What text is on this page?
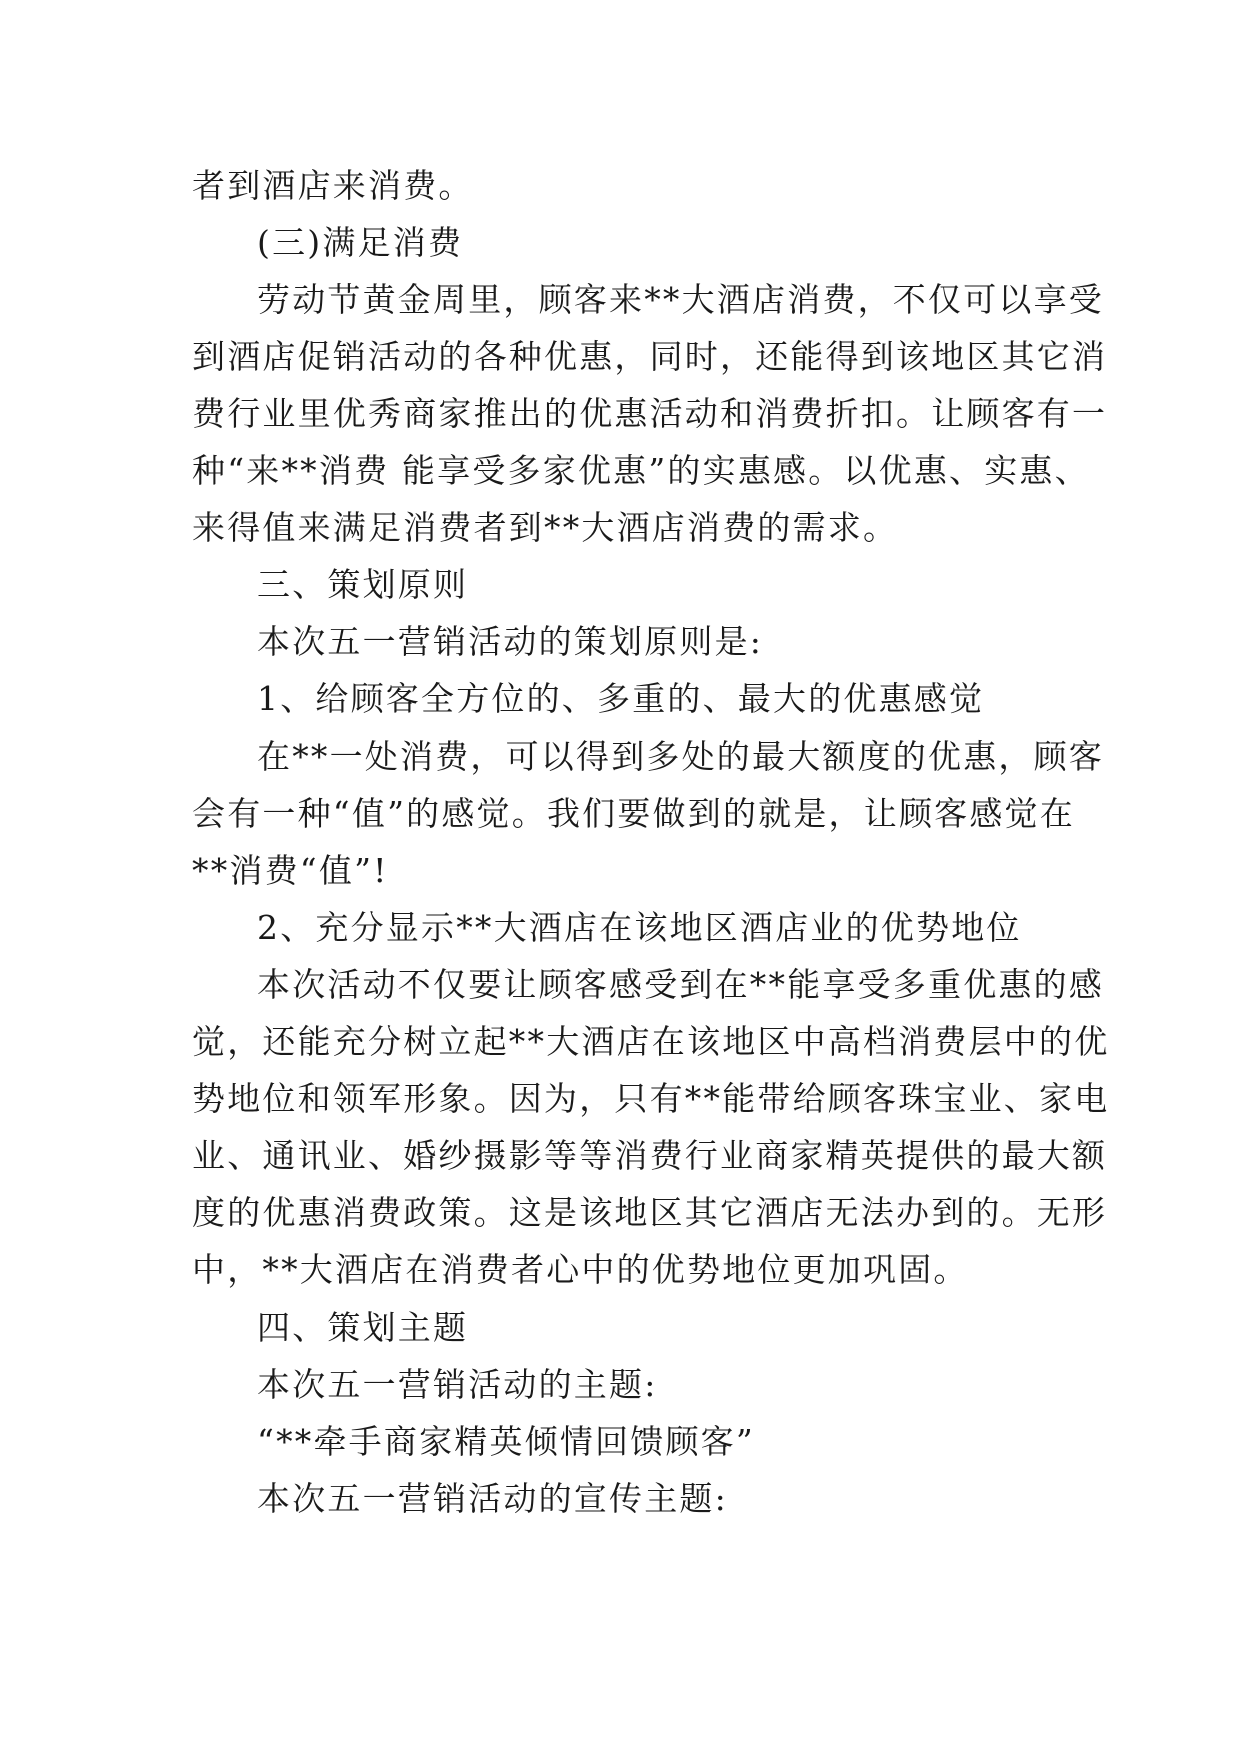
者到酒店来消费。
(三)满足消费
劳动节黄金周里，顾客来**大酒店消费，不仅可以享受
到酒店促销活动的各种优惠，同时，还能得到该地区其它消
费行业里优秀商家推出的优惠活动和消费折扣。让顾客有一
种“来**消费 能享受多家优惠”的实惠感。以优惠、实惠、
来得值来满足消费者到**大酒店消费的需求。
三、策划原则
本次五一营销活动的策划原则是:
1、给顾客全方位的、多重的、最大的优惠感觉
在**一处消费，可以得到多处的最大额度的优惠，顾客
会有一种“值”的感觉。我们要做到的就是，让顾客感觉在
**消费“值”!
2、充分显示**大酒店在该地区酒店业的优势地位
本次活动不仅要让顾客感受到在**能享受多重优惠的感
觉，还能充分树立起**大酒店在该地区中高档消费层中的优
势地位和领军形象。因为，只有**能带给顾客珠宝业、家电
业、通讯业、婚纱摄影等等消费行业商家精英提供的最大额
度的优惠消费政策。这是该地区其它酒店无法办到的。无形
中，**大酒店在消费者心中的优势地位更加巩固。
四、策划主题
本次五一营销活动的主题:
“**牵手商家精英倾情回馈顾客”
本次五一营销活动的宣传主题:
